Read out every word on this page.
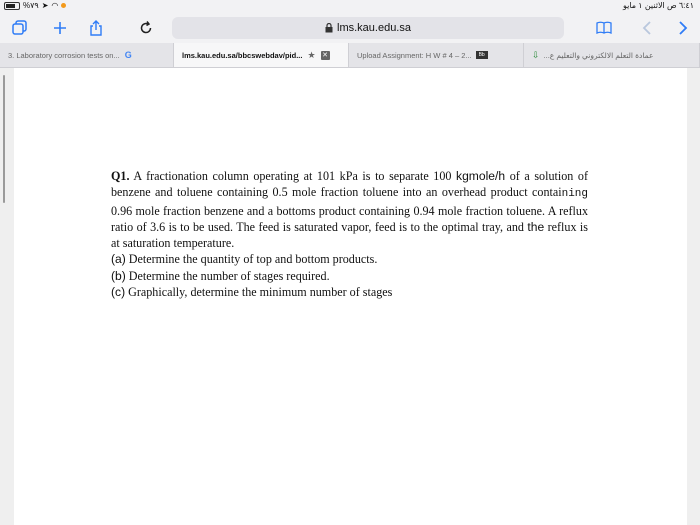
%٧٩ ➤ ◠	٦:٤١ ص الاثنين ١ مايو
lms.kau.edu.sa
3. Laboratory corrosion tests on... G	lms.kau.edu.sa/bbcswebdav/pid... ★ ✕	Upload Assignment: H W # 4 – 2...	Bb	عمادة التعلم الالكتروني والتعليم ع...
⇩

Q1. A fractionation column operating at 101 kPa is to separate 100 kgmole/h of a solution of benzene and toluene containing 0.5 mole fraction toluene into an overhead product containing 0.96 mole fraction benzene and a bottoms product containing 0.94 mole fraction toluene. A reflux ratio of 3.6 is to be used. The feed is saturated vapor, feed is to the optimal tray, and the reflux is at saturation temperature.

(a) Determine the quantity of top and bottom products.

(b) Determine the number of stages required.

(c) Graphically, determine the minimum number of stages
